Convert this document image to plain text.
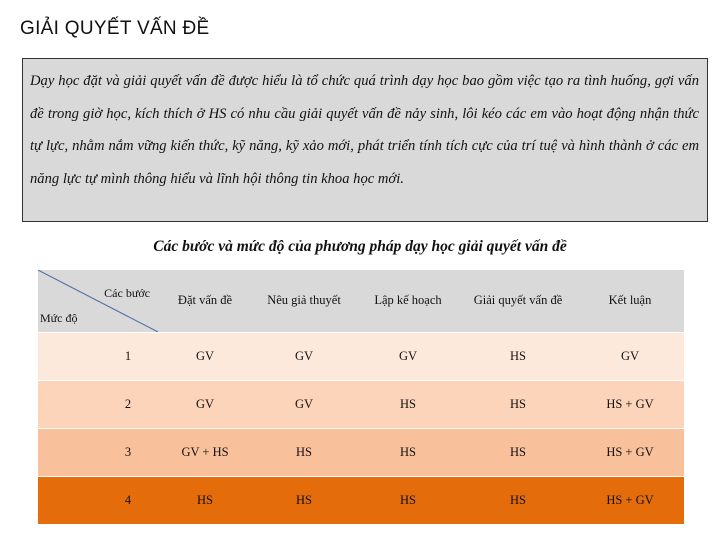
GIẢI QUYẾT VẤN ĐỀ
Dạy học đặt và giải quyết vấn đề được hiểu là tổ chức quá trình dạy học bao gồm việc tạo ra tình huống, gợi vấn đề trong giờ học, kích thích ở HS có nhu cầu giải quyết vấn đề nảy sinh, lôi kéo các em vào hoạt động nhận thức tự lực, nhằm nắm vững kiến thức, kỹ năng, kỹ xảo mới, phát triển tính tích cực của trí tuệ và hình thành ở các em năng lực tự mình thông hiểu và lĩnh hội thông tin khoa học mới.
Các bước và mức độ của phương pháp dạy học giải quyết vấn đề
Các bước
Mức độ	Đặt vấn đề	Nêu giả thuyết	Lập kế hoạch	Giải quyết vấn đề	Kết luận
1	GV	GV	GV	HS	GV
2	GV	GV	HS	HS	HS + GV
3	GV + HS	HS	HS	HS	HS + GV
4	HS	HS	HS	HS	HS + GV
